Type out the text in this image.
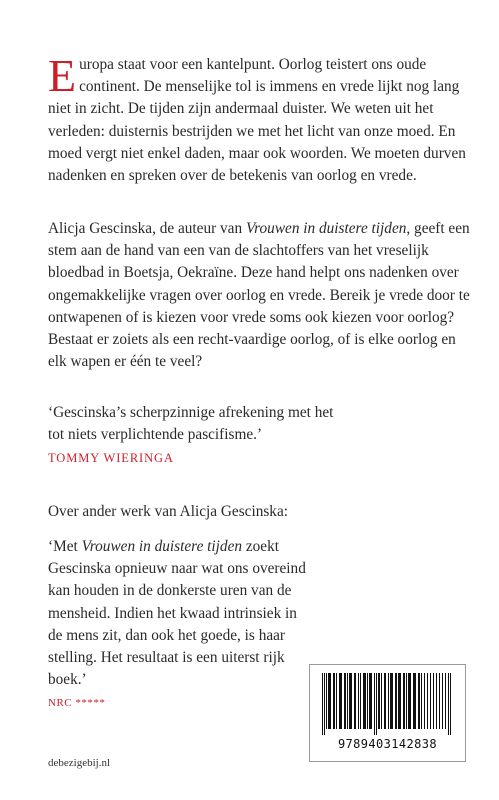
Europa staat voor een kantelpunt. Oorlog teistert ons oude continent. De menselijke tol is immens en vrede lijkt nog lang niet in zicht. De tijden zijn andermaal duister. We weten uit het verleden: duisternis bestrijden we met het licht van onze moed. En moed vergt niet enkel daden, maar ook woorden. We moeten durven nadenken en spreken over de betekenis van oorlog en vrede.

Alicja Gescinska, de auteur van Vrouwen in duistere tijden, geeft een stem aan de hand van een van de slachtoffers van het vreselijk bloedbad in Boetsja, Oekraïne. Deze hand helpt ons nadenken over ongemakkelijke vragen over oorlog en vrede. Bereik je vrede door te ontwapenen of is kiezen voor vrede soms ook kiezen voor oorlog? Bestaat er zoiets als een recht-vaardige oorlog, of is elke oorlog en elk wapen er één te veel?

‘Gescinska’s scherpzinnige afrekening met het tot niets verplichtende pascifisme.’
TOMMY WIERINGA

Over ander werk van Alicja Gescinska:

‘Met Vrouwen in duistere tijden zoekt Gescinska opnieuw naar wat ons overeind kan houden in de donkerste uren van de mensheid. Indien het kwaad intrinsiek in de mens zit, dan ook het goede, is haar stelling. Het resultaat is een uiterst rijk boek.’
NRC *****

debezigebij.nl

9789403142838
